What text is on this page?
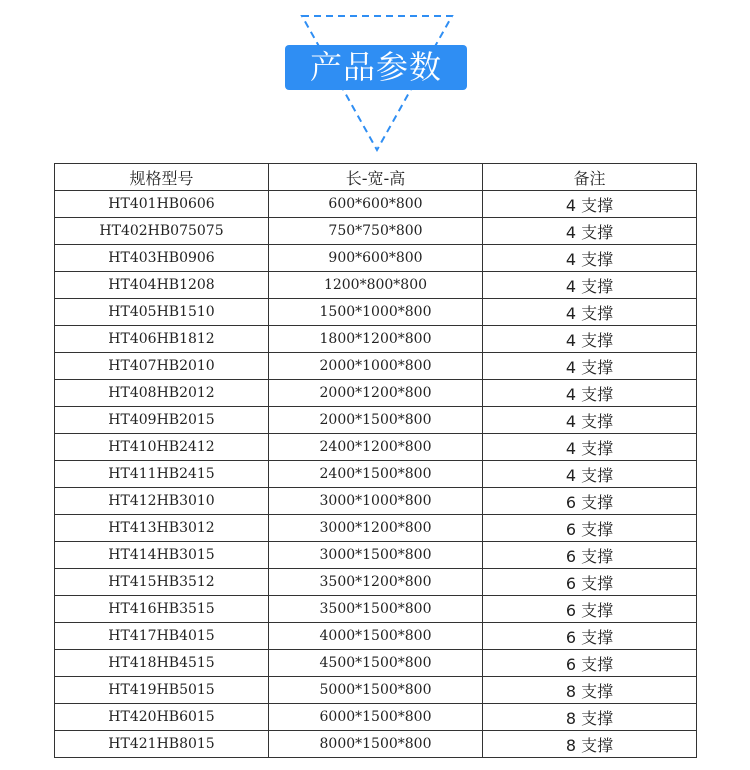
产品参数
规格型号	长-宽-高	备注
HT401HB0606	600*600*800	4 支撑
HT402HB075075	750*750*800	4 支撑
HT403HB0906	900*600*800	4 支撑
HT404HB1208	1200*800*800	4 支撑
HT405HB1510	1500*1000*800	4 支撑
HT406HB1812	1800*1200*800	4 支撑
HT407HB2010	2000*1000*800	4 支撑
HT408HB2012	2000*1200*800	4 支撑
HT409HB2015	2000*1500*800	4 支撑
HT410HB2412	2400*1200*800	4 支撑
HT411HB2415	2400*1500*800	4 支撑
HT412HB3010	3000*1000*800	6 支撑
HT413HB3012	3000*1200*800	6 支撑
HT414HB3015	3000*1500*800	6 支撑
HT415HB3512	3500*1200*800	6 支撑
HT416HB3515	3500*1500*800	6 支撑
HT417HB4015	4000*1500*800	6 支撑
HT418HB4515	4500*1500*800	6 支撑
HT419HB5015	5000*1500*800	8 支撑
HT420HB6015	6000*1500*800	8 支撑
HT421HB8015	8000*1500*800	8 支撑
